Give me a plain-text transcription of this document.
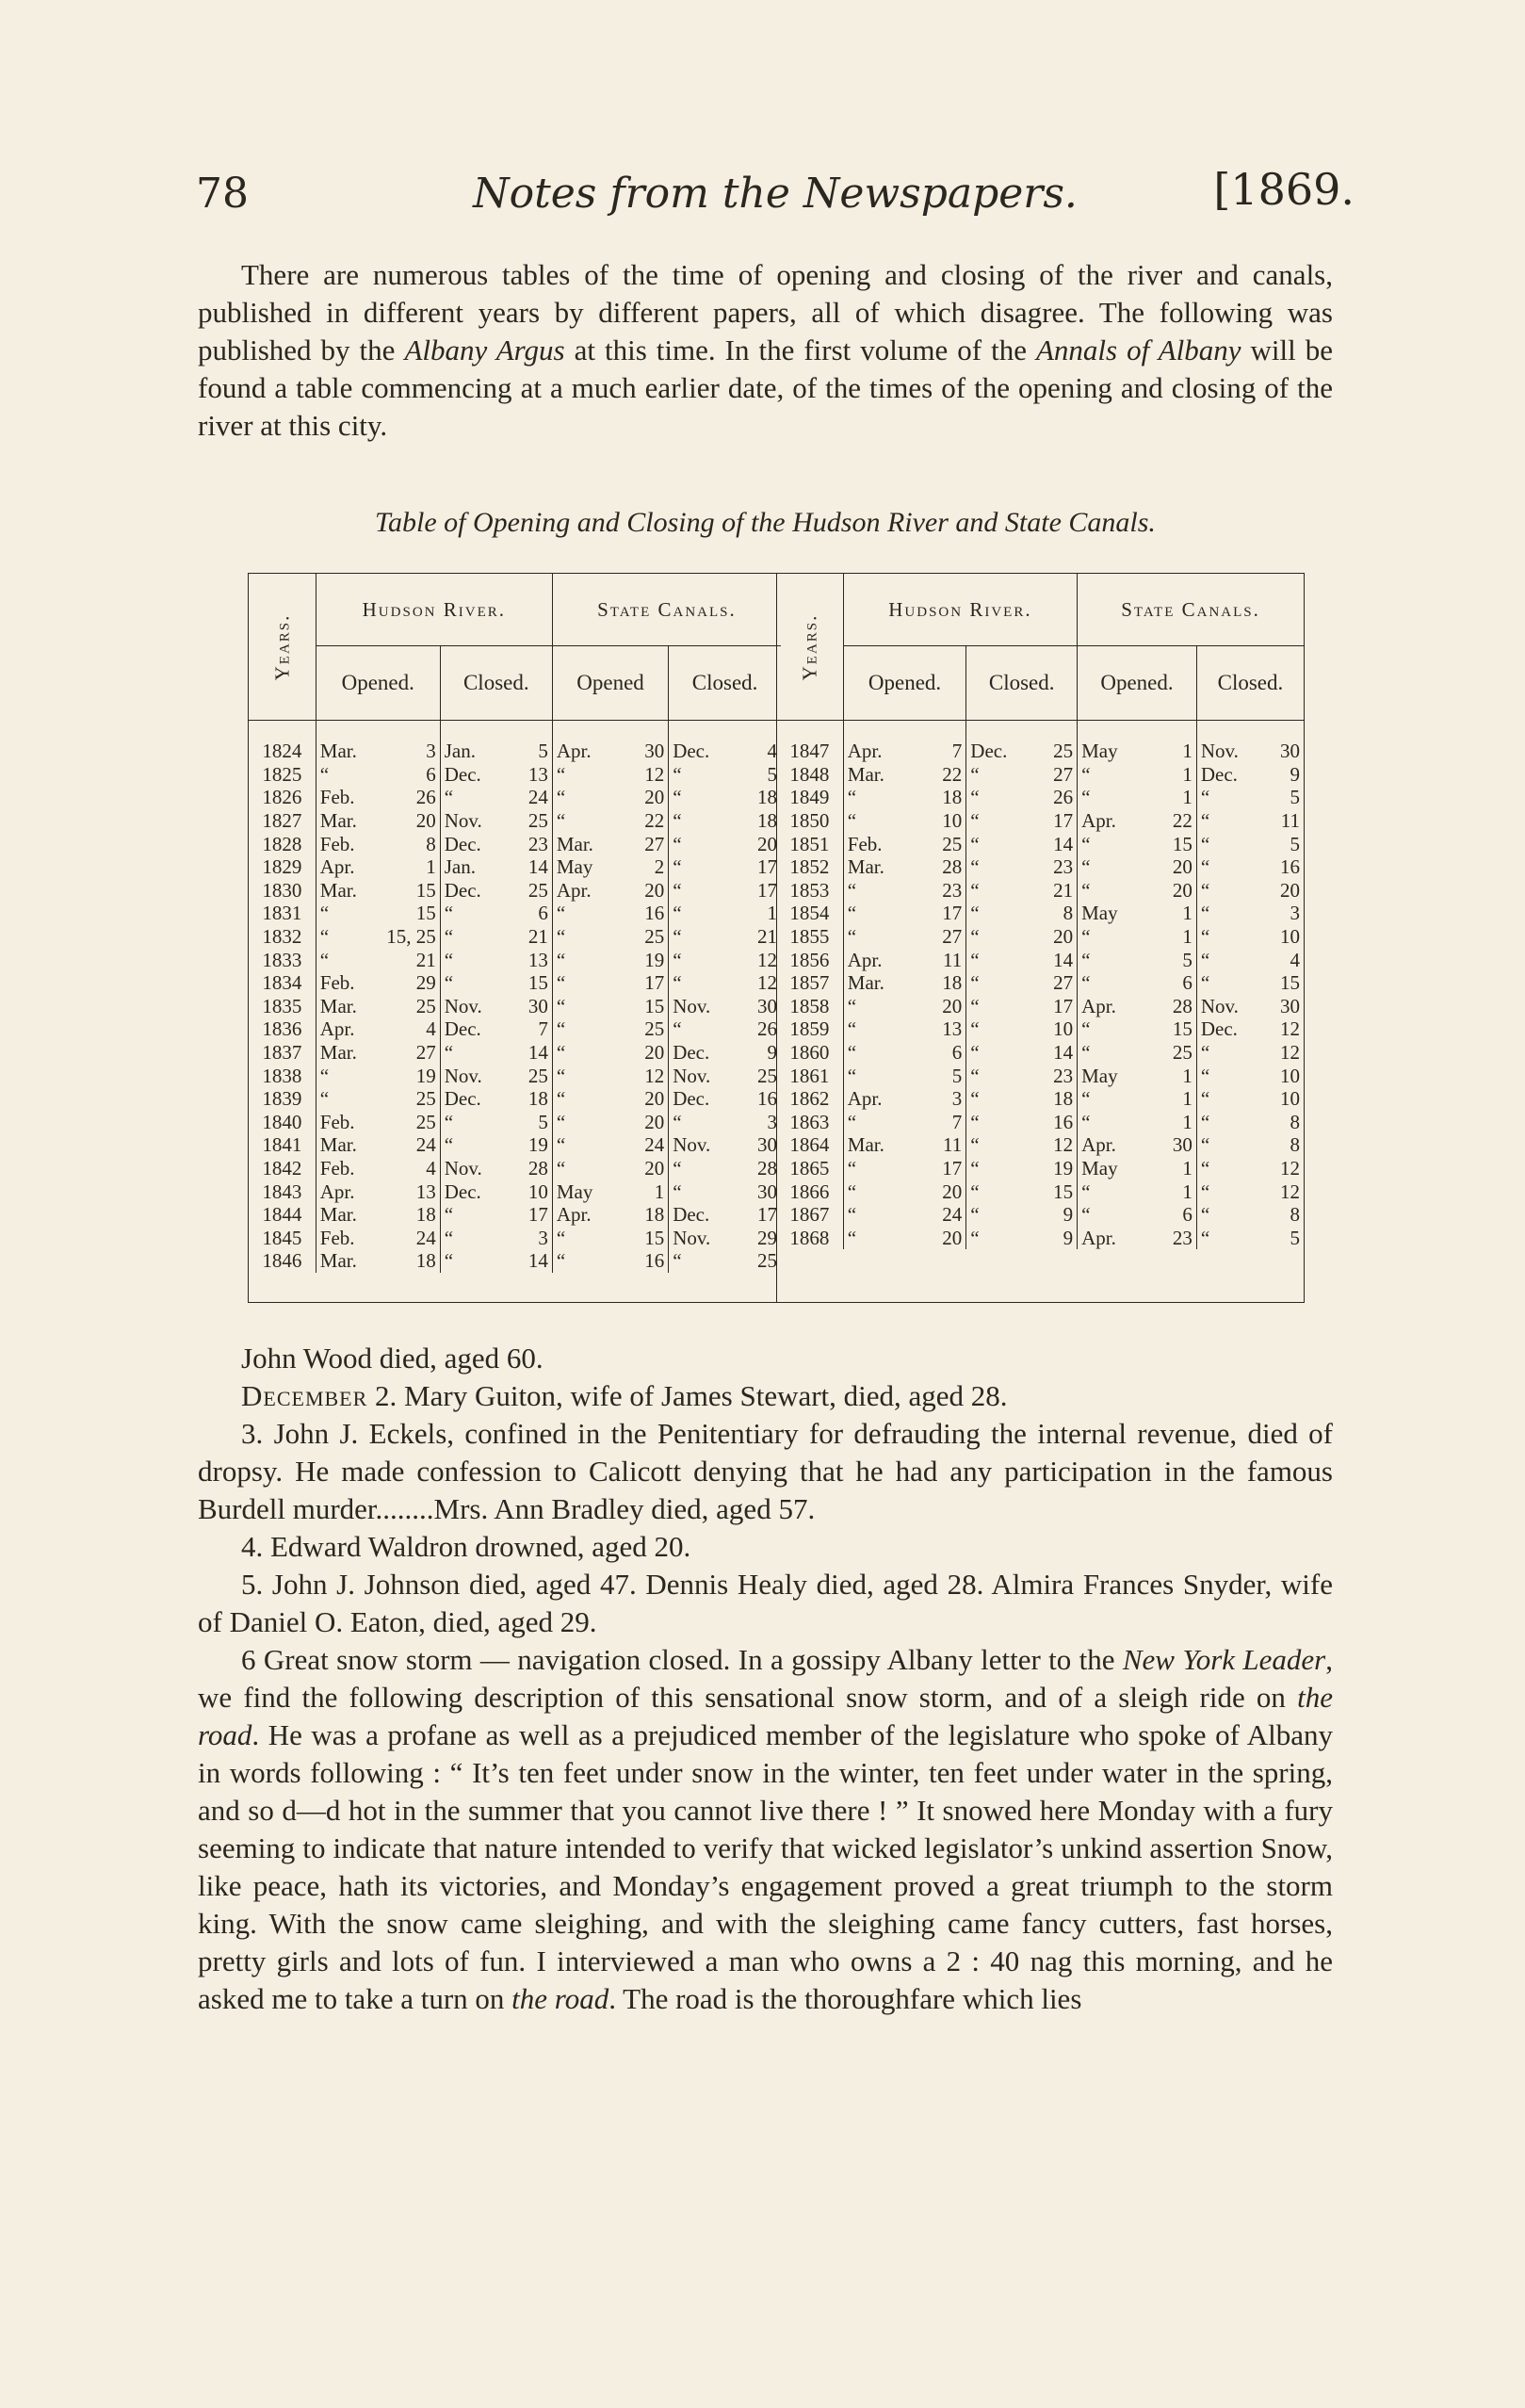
78	Notes from the Newspapers.	[1869.

There are numerous tables of the time of opening and closing of the river and canals, published in different years by different papers, all of which disagree. The following was published by the Albany Argus at this time. In the first volume of the Annals of Albany will be found a table commencing at a much earlier date, of the times of the opening and closing of the river at this city.

Table of Opening and Closing of the Hudson River and State Canals.
Years.	Hudson River.		State Canals.	
	Opened.	Closed.	Opened	Closed.

1824	Mar. 3	Jan. 5	Apr. 30	Dec. 4

1825	“ 6	Dec. 13	“ 12	“ 5

1826	Feb. 26	“ 24	“ 20	“ 18

1827	Mar. 20	Nov. 25	“ 22	“ 18

1828	Feb. 8	Dec. 23	Mar. 27	“ 20

1829	Apr. 1	Jan. 14	May 2	“ 17

1830	Mar. 15	Dec. 25	Apr. 20	“ 17

1831	“ 15	“ 6	“ 16	“ 1

1832	“ 15, 25	“ 21	“ 25	“ 21

1833	“ 21	“ 13	“ 19	“ 12

1834	Feb. 29	“ 15	“ 17	“ 12

1835	Mar. 25	Nov. 30	“ 15	Nov. 30

1836	Apr. 4	Dec. 7	“ 25	“ 26

1837	Mar. 27	“ 14	“ 20	Dec. 9

1838	“ 19	Nov. 25	“ 12	Nov. 25

1839	“ 25	Dec. 18	“ 20	Dec. 16

1840	Feb. 25	“ 5	“ 20	“ 3

1841	Mar. 24	“ 19	“ 24	Nov. 30

1842	Feb. 4	Nov. 28	“ 20	“ 28

1843	Apr. 13	Dec. 10	May 1	“ 30

1844	Mar. 18	“ 17	Apr. 18	Dec. 17

1845	Feb. 24	“ 3	“ 15	Nov. 29

1846	Mar. 18	“ 14	“ 16	“ 25
Years.	Hudson River.		State Canals.	
	Opened.	Closed.	Opened.	Closed.

1847	Apr. 7	Dec. 25	May 1	Nov. 30

1848	Mar. 22	“ 27	“ 1	Dec. 9

1849	“ 18	“ 26	“ 1	“ 5

1850	“ 10	“ 17	Apr. 22	“ 11

1851	Feb. 25	“ 14	“ 15	“ 5

1852	Mar. 28	“ 23	“ 20	“ 16

1853	“ 23	“ 21	“ 20	“ 20

1854	“ 17	“ 8	May 1	“ 3

1855	“ 27	“ 20	“ 1	“ 10

1856	Apr. 11	“ 14	“ 5	“ 4

1857	Mar. 18	“ 27	“ 6	“ 15

1858	“ 20	“ 17	Apr. 28	Nov. 30

1859	“ 13	“ 10	“ 15	Dec. 12

1860	“ 6	“ 14	“ 25	“ 12

1861	“ 5	“ 23	May 1	“ 10

1862	Apr. 3	“ 18	“ 1	“ 10

1863	“ 7	“ 16	“ 1	“ 8

1864	Mar. 11	“ 12	Apr. 30	“ 8

1865	“ 17	“ 19	May 1	“ 12

1866	“ 20	“ 15	“ 1	“ 12

1867	“ 24	“ 9	“ 6	“ 8

1868	“ 20	“ 9	Apr. 23	“ 5

John Wood died, aged 60.

December 2. Mary Guiton, wife of James Stewart, died, aged 28.

3. John J. Eckels, confined in the Penitentiary for defrauding the internal revenue, died of dropsy. He made confession to Calicott denying that he had any participation in the famous Burdell murder........Mrs. Ann Bradley died, aged 57.

4. Edward Waldron drowned, aged 20.

5. John J. Johnson died, aged 47. Dennis Healy died, aged 28. Almira Frances Snyder, wife of Daniel O. Eaton, died, aged 29.

6 Great snow storm — navigation closed. In a gossipy Albany letter to the New York Leader, we find the following description of this sensational snow storm, and of a sleigh ride on the road. He was a profane as well as a prejudiced member of the legislature who spoke of Albany in words following : “ It’s ten feet under snow in the winter, ten feet under water in the spring, and so d—d hot in the summer that you cannot live there ! ” It snowed here Monday with a fury seeming to indicate that nature intended to verify that wicked legislator’s unkind assertion Snow, like peace, hath its victories, and Monday’s engagement proved a great triumph to the storm king. With the snow came sleighing, and with the sleighing came fancy cutters, fast horses, pretty girls and lots of fun. I interviewed a man who owns a 2 : 40 nag this morning, and he asked me to take a turn on the road. The road is the thoroughfare which lies
